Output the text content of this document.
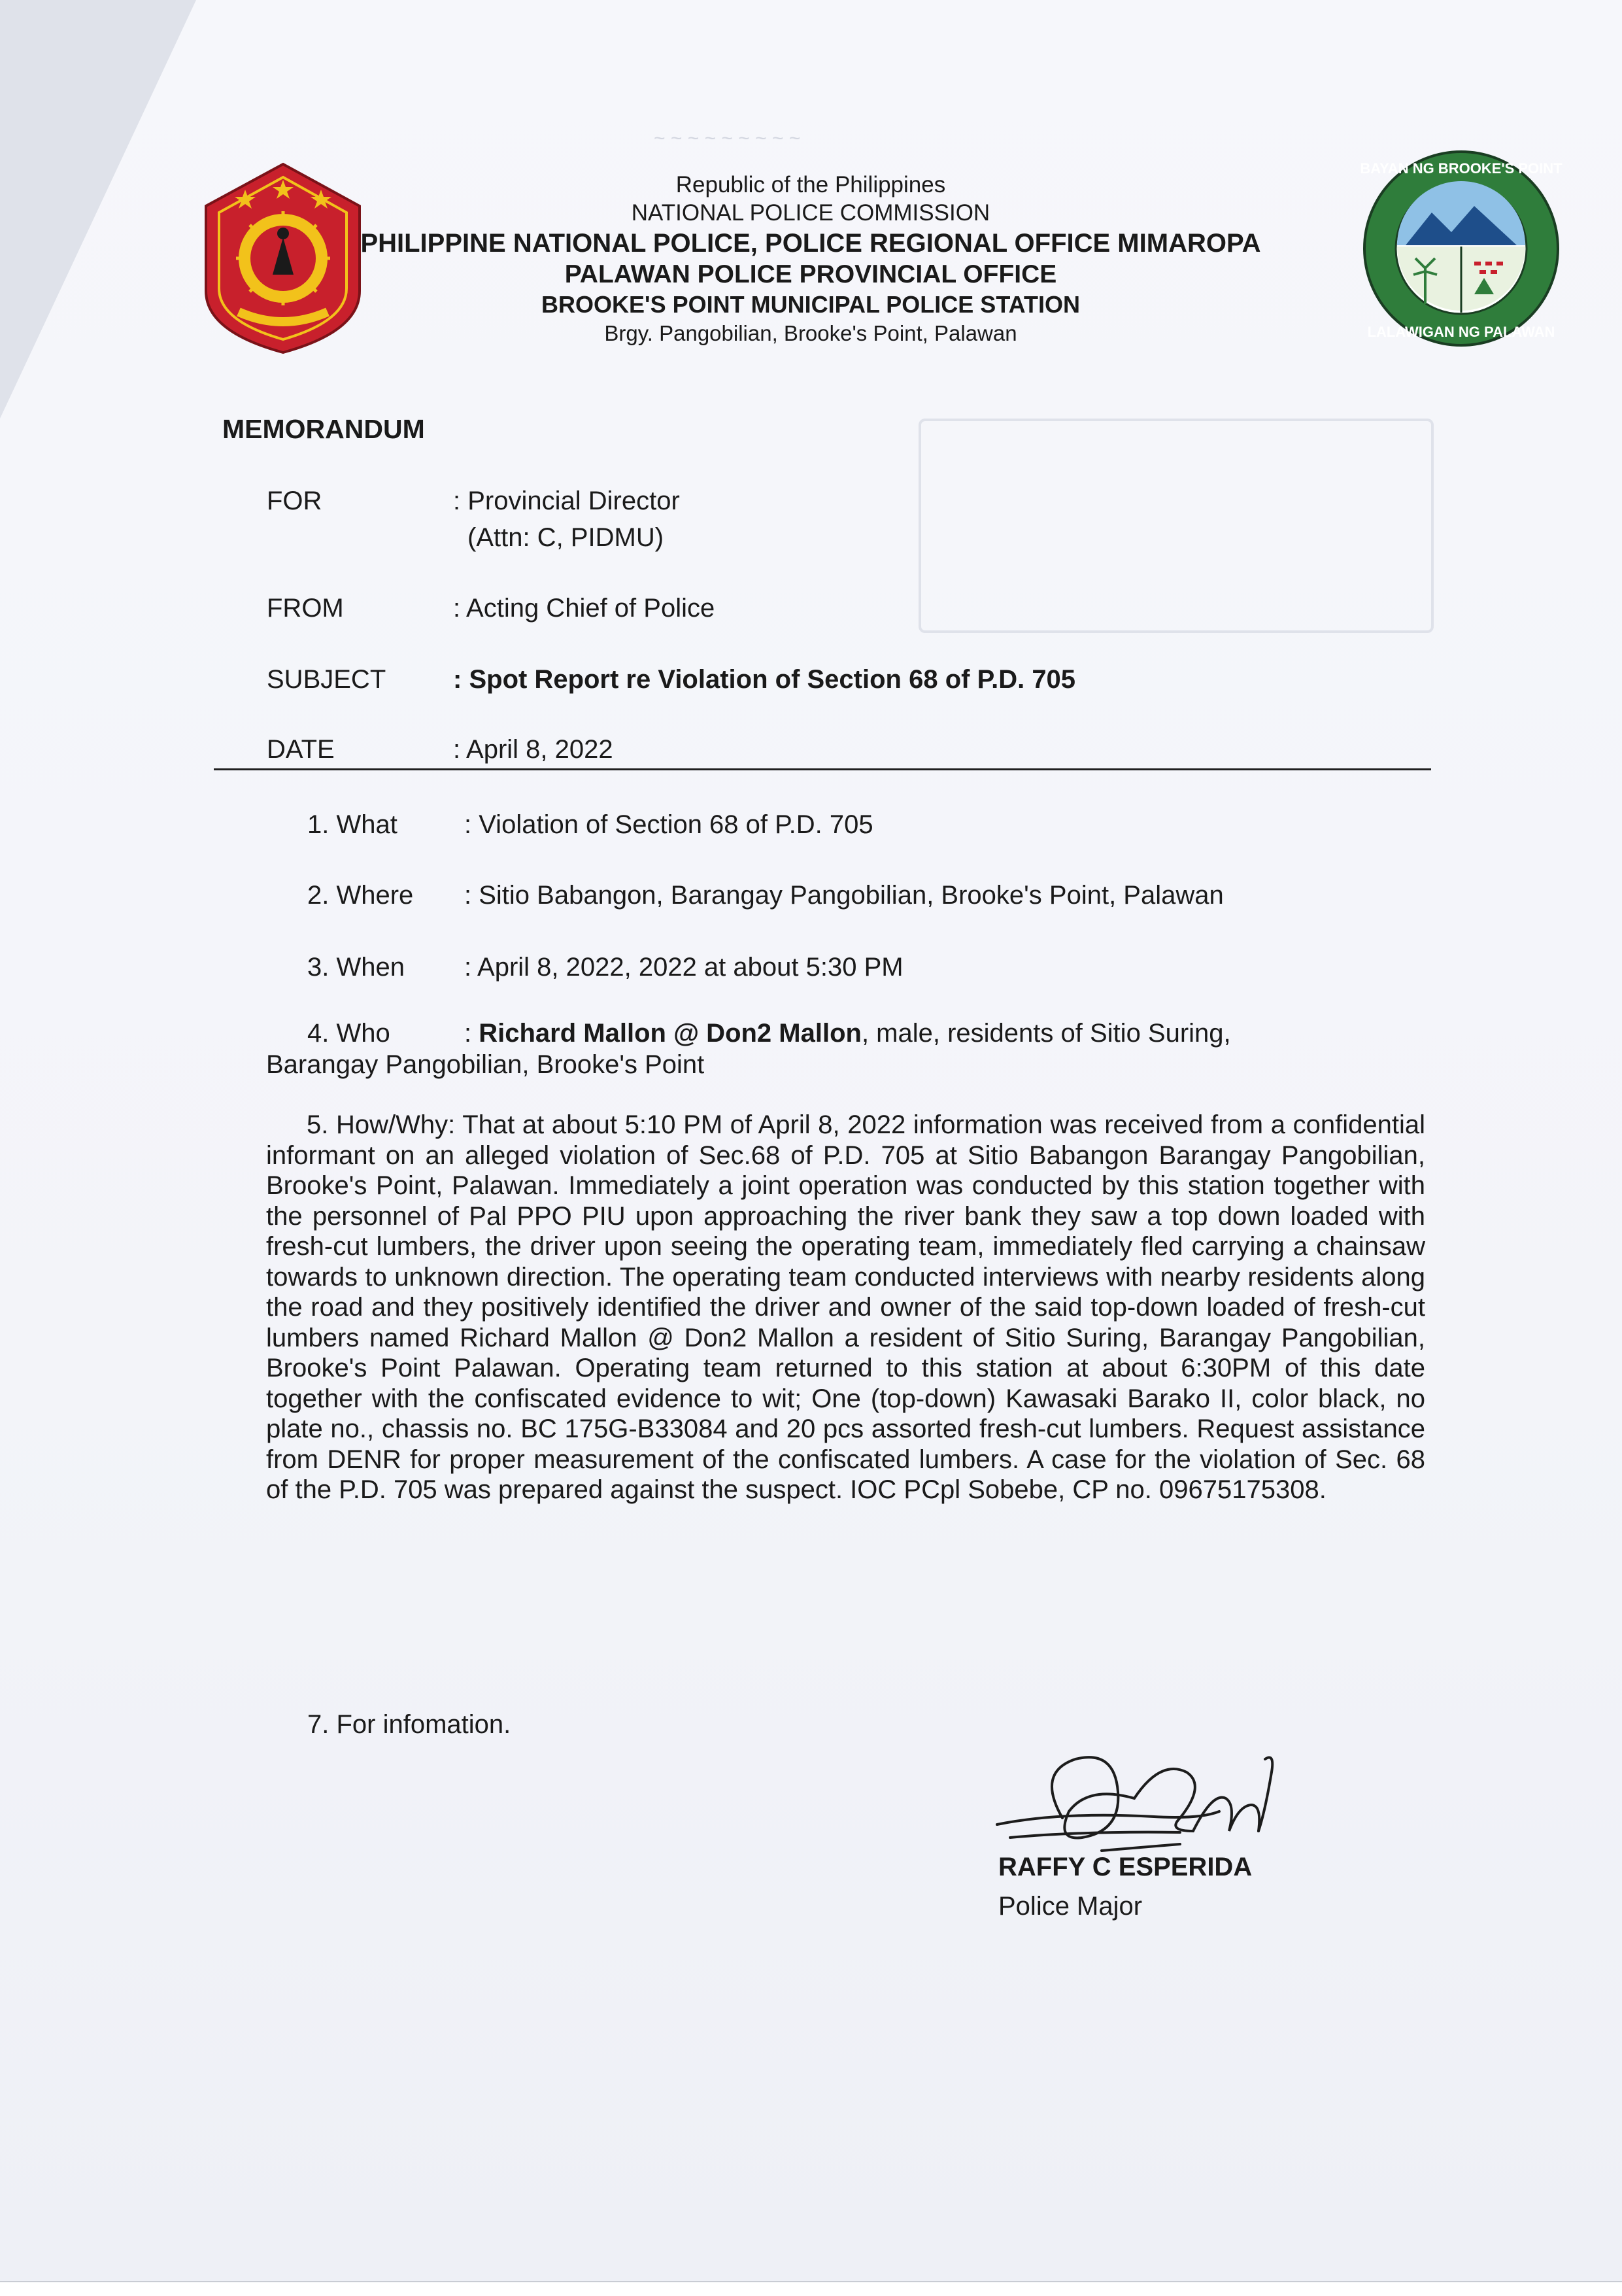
~ ~ ~ ~ ~ ~ ~ ~ ~
BAYAN NG BROOKE'S POINT
LALAWIGAN NG PALAWAN
Republic of the Philippines
NATIONAL POLICE COMMISSION
PHILIPPINE NATIONAL POLICE, POLICE REGIONAL OFFICE MIMAROPA
PALAWAN POLICE PROVINCIAL OFFICE
BROOKE'S POINT MUNICIPAL POLICE STATION
Brgy. Pangobilian, Brooke's Point, Palawan
MEMORANDUM
FOR	: Provincial Director
(Attn: C, PIDMU)
FROM	: Acting Chief of Police
SUBJECT	: Spot Report re Violation of Section 68 of P.D. 705
DATE	: April 8, 2022
1. What	: Violation of Section 68 of P.D. 705
2. Where : Sitio Babangon, Barangay Pangobilian, Brooke's Point, Palawan
3. When : April 8, 2022, 2022 at about 5:30 PM
4. Who	: Richard Mallon @ Don2 Mallon, male, residents of Sitio Suring,
Barangay Pangobilian, Brooke's Point
5. How/Why: That at about 5:10 PM of April 8, 2022 information was received from a confidential informant on an alleged violation of Sec.68 of P.D. 705 at Sitio Babangon Barangay Pangobilian, Brooke's Point, Palawan. Immediately a joint operation was conducted by this station together with the personnel of Pal PPO PIU upon approaching the river bank they saw a top down loaded with fresh-cut lumbers, the driver upon seeing the operating team, immediately fled carrying a chainsaw towards to unknown direction. The operating team conducted interviews with nearby residents along the road and they positively identified the driver and owner of the said top-down loaded of fresh-cut lumbers named Richard Mallon @ Don2 Mallon a resident of Sitio Suring, Barangay Pangobilian, Brooke's Point Palawan. Operating team returned to this station at about 6:30PM of this date together with the confiscated evidence to wit; One (top-down) Kawasaki Barako II, color black, no plate no., chassis no. BC 175G-B33084 and 20 pcs assorted fresh-cut lumbers. Request assistance from DENR for proper measurement of the confiscated lumbers. A case for the violation of Sec. 68 of the P.D. 705 was prepared against the suspect. IOC PCpl Sobebe, CP no. 09675175308.
7. For infomation.
RAFFY C ESPERIDA
Police Major
